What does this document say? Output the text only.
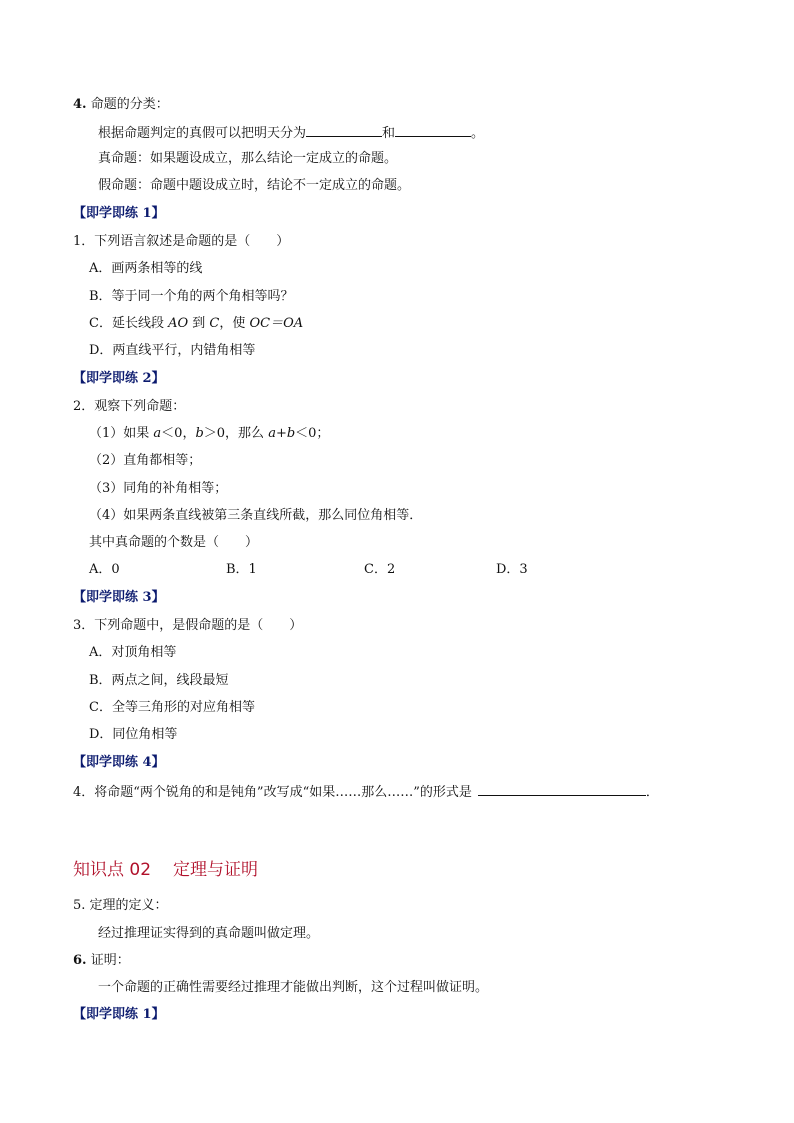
4. 命题的分类：
根据命题判定的真假可以把明天分为	和	。
真命题：如果题设成立，那么结论一定成立的命题。
假命题：命题中题设成立时，结论不一定成立的命题。
【即学即练 1】
1．下列语言叙述是命题的是（　　）
A．画两条相等的线
B．等于同一个角的两个角相等吗？
C．延长线段 AO 到 C，使 OC＝OA
D．两直线平行，内错角相等
【即学即练 2】
2．观察下列命题：
（1）如果 a＜0，b＞0，那么 a+b＜0；
（2）直角都相等；
（3）同角的补角相等；
（4）如果两条直线被第三条直线所截，那么同位角相等．
其中真命题的个数是（　　）
A．0	B．1	C．2	D．3
【即学即练 3】
3．下列命题中，是假命题的是（　　）
A．对顶角相等
B．两点之间，线段最短
C．全等三角形的对应角相等
D．同位角相等
【即学即练 4】
4．将命题“两个锐角的和是钝角”改写成“如果……那么……”的形式是	．
知识点 02 定理与证明
5. 定理的定义：
经过推理证实得到的真命题叫做定理。
6. 证明：
一个命题的正确性需要经过推理才能做出判断，这个过程叫做证明。
【即学即练 1】
